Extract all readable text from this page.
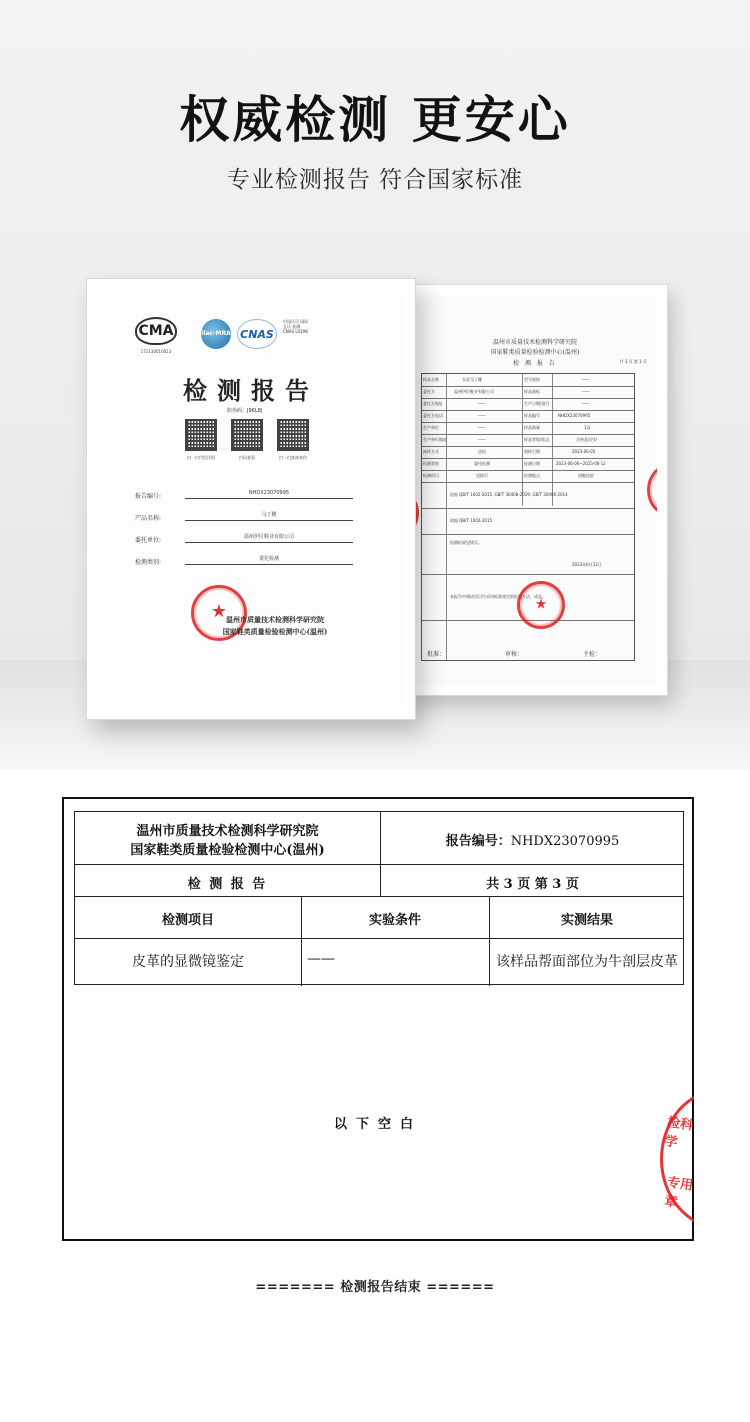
权威检测 更安心
专业检测报告 符合国家标准
温州市质量技术检测科学研究院
国家鞋类质量检验检测中心(温州)
检 测 报 告	共 3 页 第 1 页
样品名称	女款马丁靴	型号规格	——
委托方	温州伊臣鞋业有限公司	样品商标	——
委托方地址	——	生产日期/批号	——
委托方电话	——	样品编号	NHDX23070995
生产单位	——	样品数量	1双
生产单位地址	——	样品等级/状态	合格品/完好
抽样方式	送检	到样日期	2023-06-05
检测类别	委托检测	检测日期	2023-06-06~2023-06-12
检测项目	见续页	检测地点	国鞋检院
依据 QB/T 1002-2015, GB/T 30408-2019, GB/T 30406-2014
依据 QB/T 1002-2015
检测结果见续页。
2023年6月12日
本报告中测试项目均采用标准规定的检测方法，成品。
★
批准：	审核：	主检：
CMA
171130010013
ilac-MRA CNAS
中国认可 国际互认 检测 CNAS L0198
检测报告
防伪码：J96L8J
扫一扫代检详情	扫码查看	扫一扫查询真伪
报告编号:	NHDX23070995
产品名称:	马丁靴
委托单位:	温州伊臣鞋业有限公司
检测类别:	委托检测
★
温州市质量技术检测科学研究院
国家鞋类质量检验检测中心(温州)
温州市质量技术检测科学研究院
国家鞋类质量检验检测中心(温州)
报告编号：NHDX23070995
检 测 报 告	共 3 页 第 3 页
检测项目	实验条件	实测结果
皮革的显微镜鉴定	——	该样品帮面部位为牛剖层皮革
以下空白	检科学
专用章
======= 检测报告结束 ======
